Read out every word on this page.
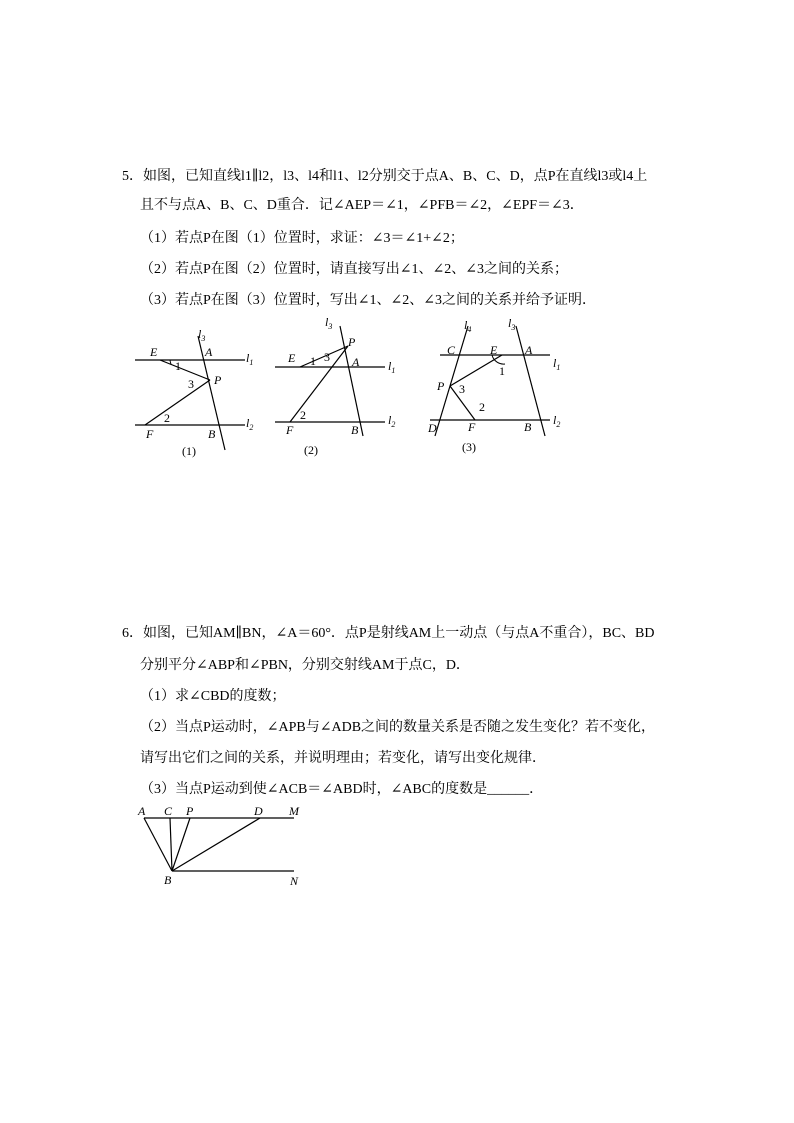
5．如图，已知直线l1∥l2，l3、l4和l1、l2分别交于点A、B、C、D，点P在直线l3或l4上
且不与点A、B、C、D重合．记∠AEP＝∠1，∠PFB＝∠2，∠EPF＝∠3．
（1）若点P在图（1）位置时，求证：∠3＝∠1+∠2；
（2）若点P在图（2）位置时，请直接写出∠1、∠2、∠3之间的关系；
（3）若点P在图（3）位置时，写出∠1、∠2、∠3之间的关系并给予证明．
E	A
P
F	B
1
2
3
$l_3$
$l_1$
$l_2$
(1)
E	A
P
F	B
1
2
3
$l_3$
$l_1$
$l_2$
(2)
C	E A
P
D	F	B
1
2
3
$l_4$	$l_3$
$l_1$
$l_2$
(3)
6．如图，已知AM∥BN，∠A＝60°．点P是射线AM上一动点（与点A不重合），BC、BD
分别平分∠ABP和∠PBN，分别交射线AM于点C，D．
（1）求∠CBD的度数；
（2）当点P运动时，∠APB与∠ADB之间的数量关系是否随之发生变化？若不变化，
请写出它们之间的关系，并说明理由；若变化，请写出变化规律．
（3）当点P运动到使∠ACB＝∠ABD时，∠ABC的度数是______．
A C P	D M
B	N
